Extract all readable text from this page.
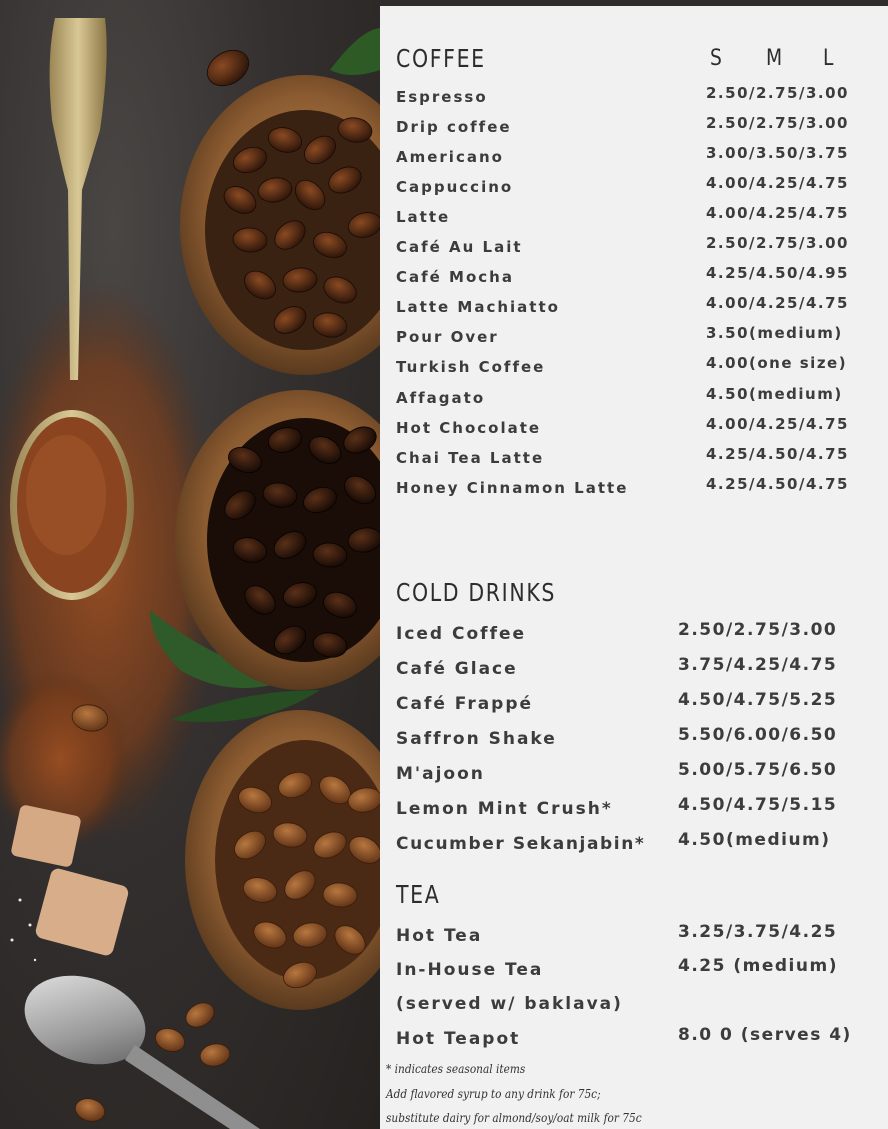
COFFEE	S M L
Espresso	2.50/2.75/3.00
Drip coffee	2.50/2.75/3.00
Americano	3.00/3.50/3.75
Cappuccino	4.00/4.25/4.75
Latte	4.00/4.25/4.75
Café Au Lait	2.50/2.75/3.00
Café Mocha	4.25/4.50/4.95
Latte Machiatto	4.00/4.25/4.75
Pour Over	3.50(medium)
Turkish Coffee	4.00(one size)
Affagato	4.50(medium)
Hot Chocolate	4.00/4.25/4.75
Chai Tea Latte	4.25/4.50/4.75
Honey Cinnamon Latte	4.25/4.50/4.75
COLD DRINKS
Iced Coffee	2.50/2.75/3.00
Café Glace	3.75/4.25/4.75
Café Frappé	4.50/4.75/5.25
Saffron Shake	5.50/6.00/6.50
M'ajoon	5.00/5.75/6.50
Lemon Mint Crush*	4.50/4.75/5.15
Cucumber Sekanjabin* 4.50(medium)
TEA
Hot Tea	3.25/3.75/4.25
In-House Tea	4.25 (medium)
(served w/ baklava)
Hot Teapot	8.0 0 (serves 4)
* indicates seasonal items
Add flavored syrup to any drink for 75c;
substitute dairy for almond/soy/oat milk for 75c
